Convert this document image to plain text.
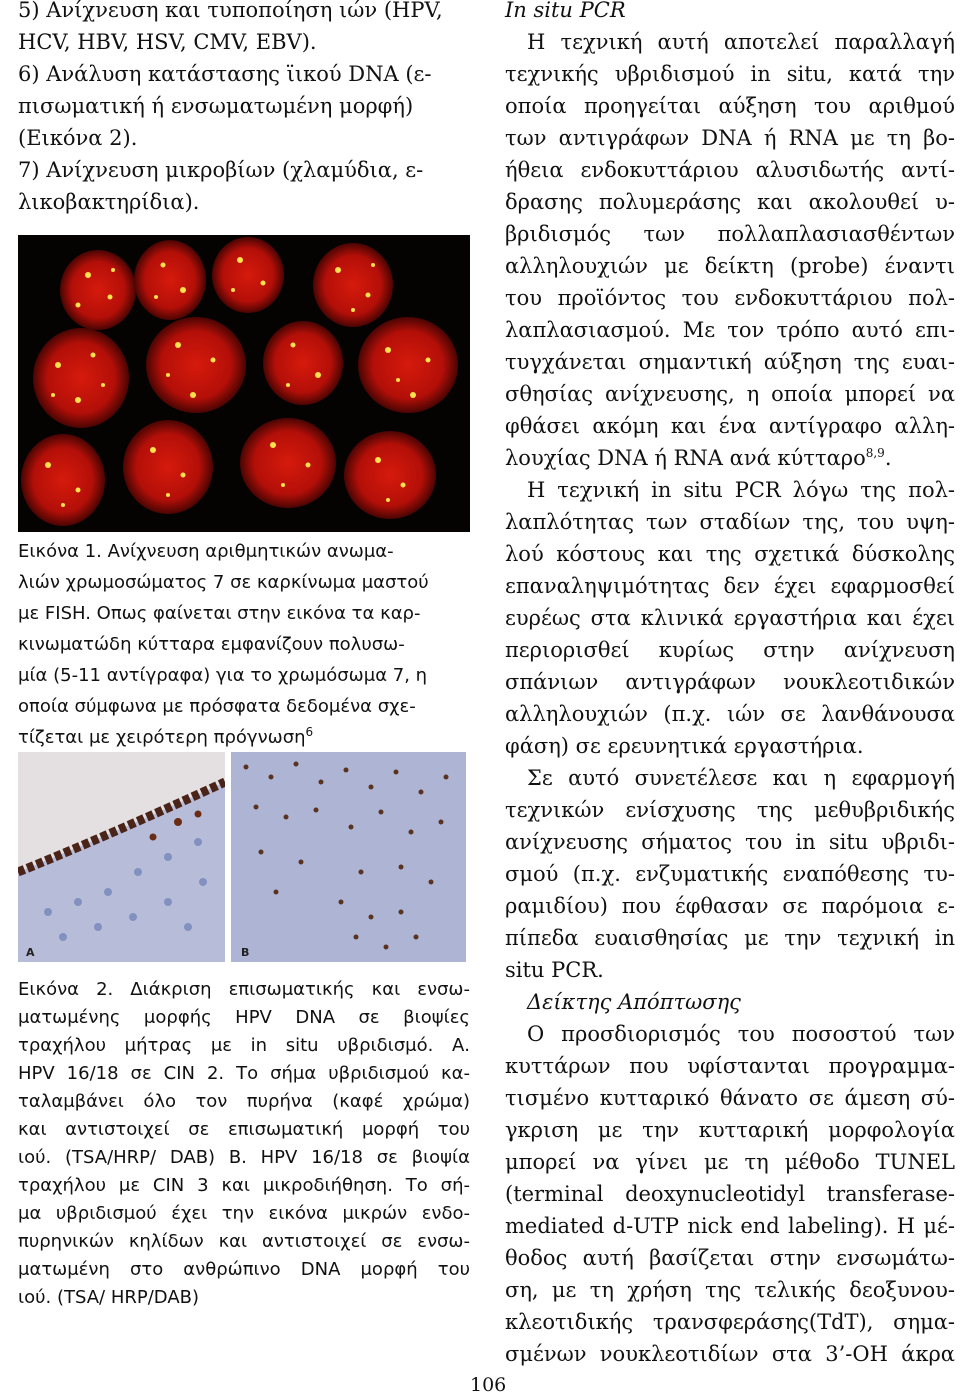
5) Ανίχνευση και τυποποίηση ιών (HPV,
HCV, HBV, HSV, CMV, EBV).
6) Ανάλυση κατάστασης ϊικού DNA (ε-
πισωματική ή ενσωματωμένη μορφή)
(Εικόνα 2).
7) Ανίχνευση μικροβίων (χλαμύδια, ε-
λικοβακτηρίδια).
Εικόνα 1. Ανίχνευση αριθμητικών ανωμα-
λιών χρωμοσώματος 7 σε καρκίνωμα μαστού
με FISH. Οπως φαίνεται στην εικόνα τα καρ-
κινωματώδη κύτταρα εμφανίζουν πολυσω-
μία (5-11 αντίγραφα) για το χρωμόσωμα 7, η
οποία σύμφωνα με πρόσφατα δεδομένα σχε-
τίζεται με χειρότερη πρόγνωση$^6$
A	B
Εικόνα 2. Διάκριση επισωματικής και ενσω-
ματωμένης μορφής HPV DNA σε βιοψίες
τραχήλου μήτρας με in situ υβριδισμό. Α.
HPV 16/18 σε CIN 2. Το σήμα υβριδισμού κα-
ταλαμβάνει όλο τον πυρήνα (καφέ χρώμα)
και αντιστοιχεί σε επισωματική μορφή του
ιού. (TSA/HRP/ DAB) B. HPV 16/18 σε βιοψία
τραχήλου με CIN 3 και μικροδιήθηση. Το σή-
μα υβριδισμού έχει την εικόνα μικρών ενδο-
πυρηνικών κηλίδων και αντιστοιχεί σε ενσω-
ματωμένη στο ανθρώπινο DNA μορφή του
ιού. (TSA/ HRP/DAB)
In situ PCR
Η τεχνική αυτή αποτελεί παραλλαγή
τεχνικής υβριδισμού in situ, κατά την
οποία προηγείται αύξηση του αριθμού
των αντιγράφων DNA ή RNA με τη βο-
ήθεια ενδοκυττάριου αλυσιδωτής αντί-
δρασης πολυμεράσης και ακολουθεί υ-
βριδισμός των πολλαπλασιασθέντων
αλληλουχιών με δείκτη (probe) έναντι
του προϊόντος του ενδοκυττάριου πολ-
λαπλασιασμού. Με τον τρόπο αυτό επι-
τυγχάνεται σημαντική αύξηση της ευαι-
σθησίας ανίχνευσης, η οποία μπορεί να
φθάσει ακόμη και ένα αντίγραφο αλλη-
λουχίας DNA ή RNA ανά κύτταρο$^{8,9}$.
Η τεχνική in situ PCR λόγω της πολ-
λαπλότητας των σταδίων της, του υψη-
λού κόστους και της σχετικά δύσκολης
επαναληψιμότητας δεν έχει εφαρμοσθεί
ευρέως στα κλινικά εργαστήρια και έχει
περιορισθεί κυρίως στην ανίχνευση
σπάνιων αντιγράφων νουκλεοτιδικών
αλληλουχιών (π.χ. ιών σε λανθάνουσα
φάση) σε ερευνητικά εργαστήρια.
Σε αυτό συνετέλεσε και η εφαρμογή
τεχνικών ενίσχυσης της μεθυβριδικής
ανίχνευσης σήματος του in situ υβριδι-
σμού (π.χ. ενζυματικής εναπόθεσης τυ-
ραμιδίου) που έφθασαν σε παρόμοια ε-
πίπεδα ευαισθησίας με την τεχνική in
situ PCR.
Δείκτης Απόπτωσης
Ο προσδιορισμός του ποσοστού των
κυττάρων που υφίστανται προγραμμα-
τισμένο κυτταρικό θάνατο σε άμεση σύ-
γκριση με την κυτταρική μορφολογία
μπορεί να γίνει με τη μέθοδο TUNEL
(terminal deoxynucleotidyl transferase-
mediated d-UTP nick end labeling). Η μέ-
θοδος αυτή βασίζεται στην ενσωμάτω-
ση, με τη χρήση της τελικής δεοξυνου-
κλεοτιδικής τρανσφεράσης(TdT), σημα-
σμένων νουκλεοτιδίων στα 3’-ΟΗ άκρα
106
